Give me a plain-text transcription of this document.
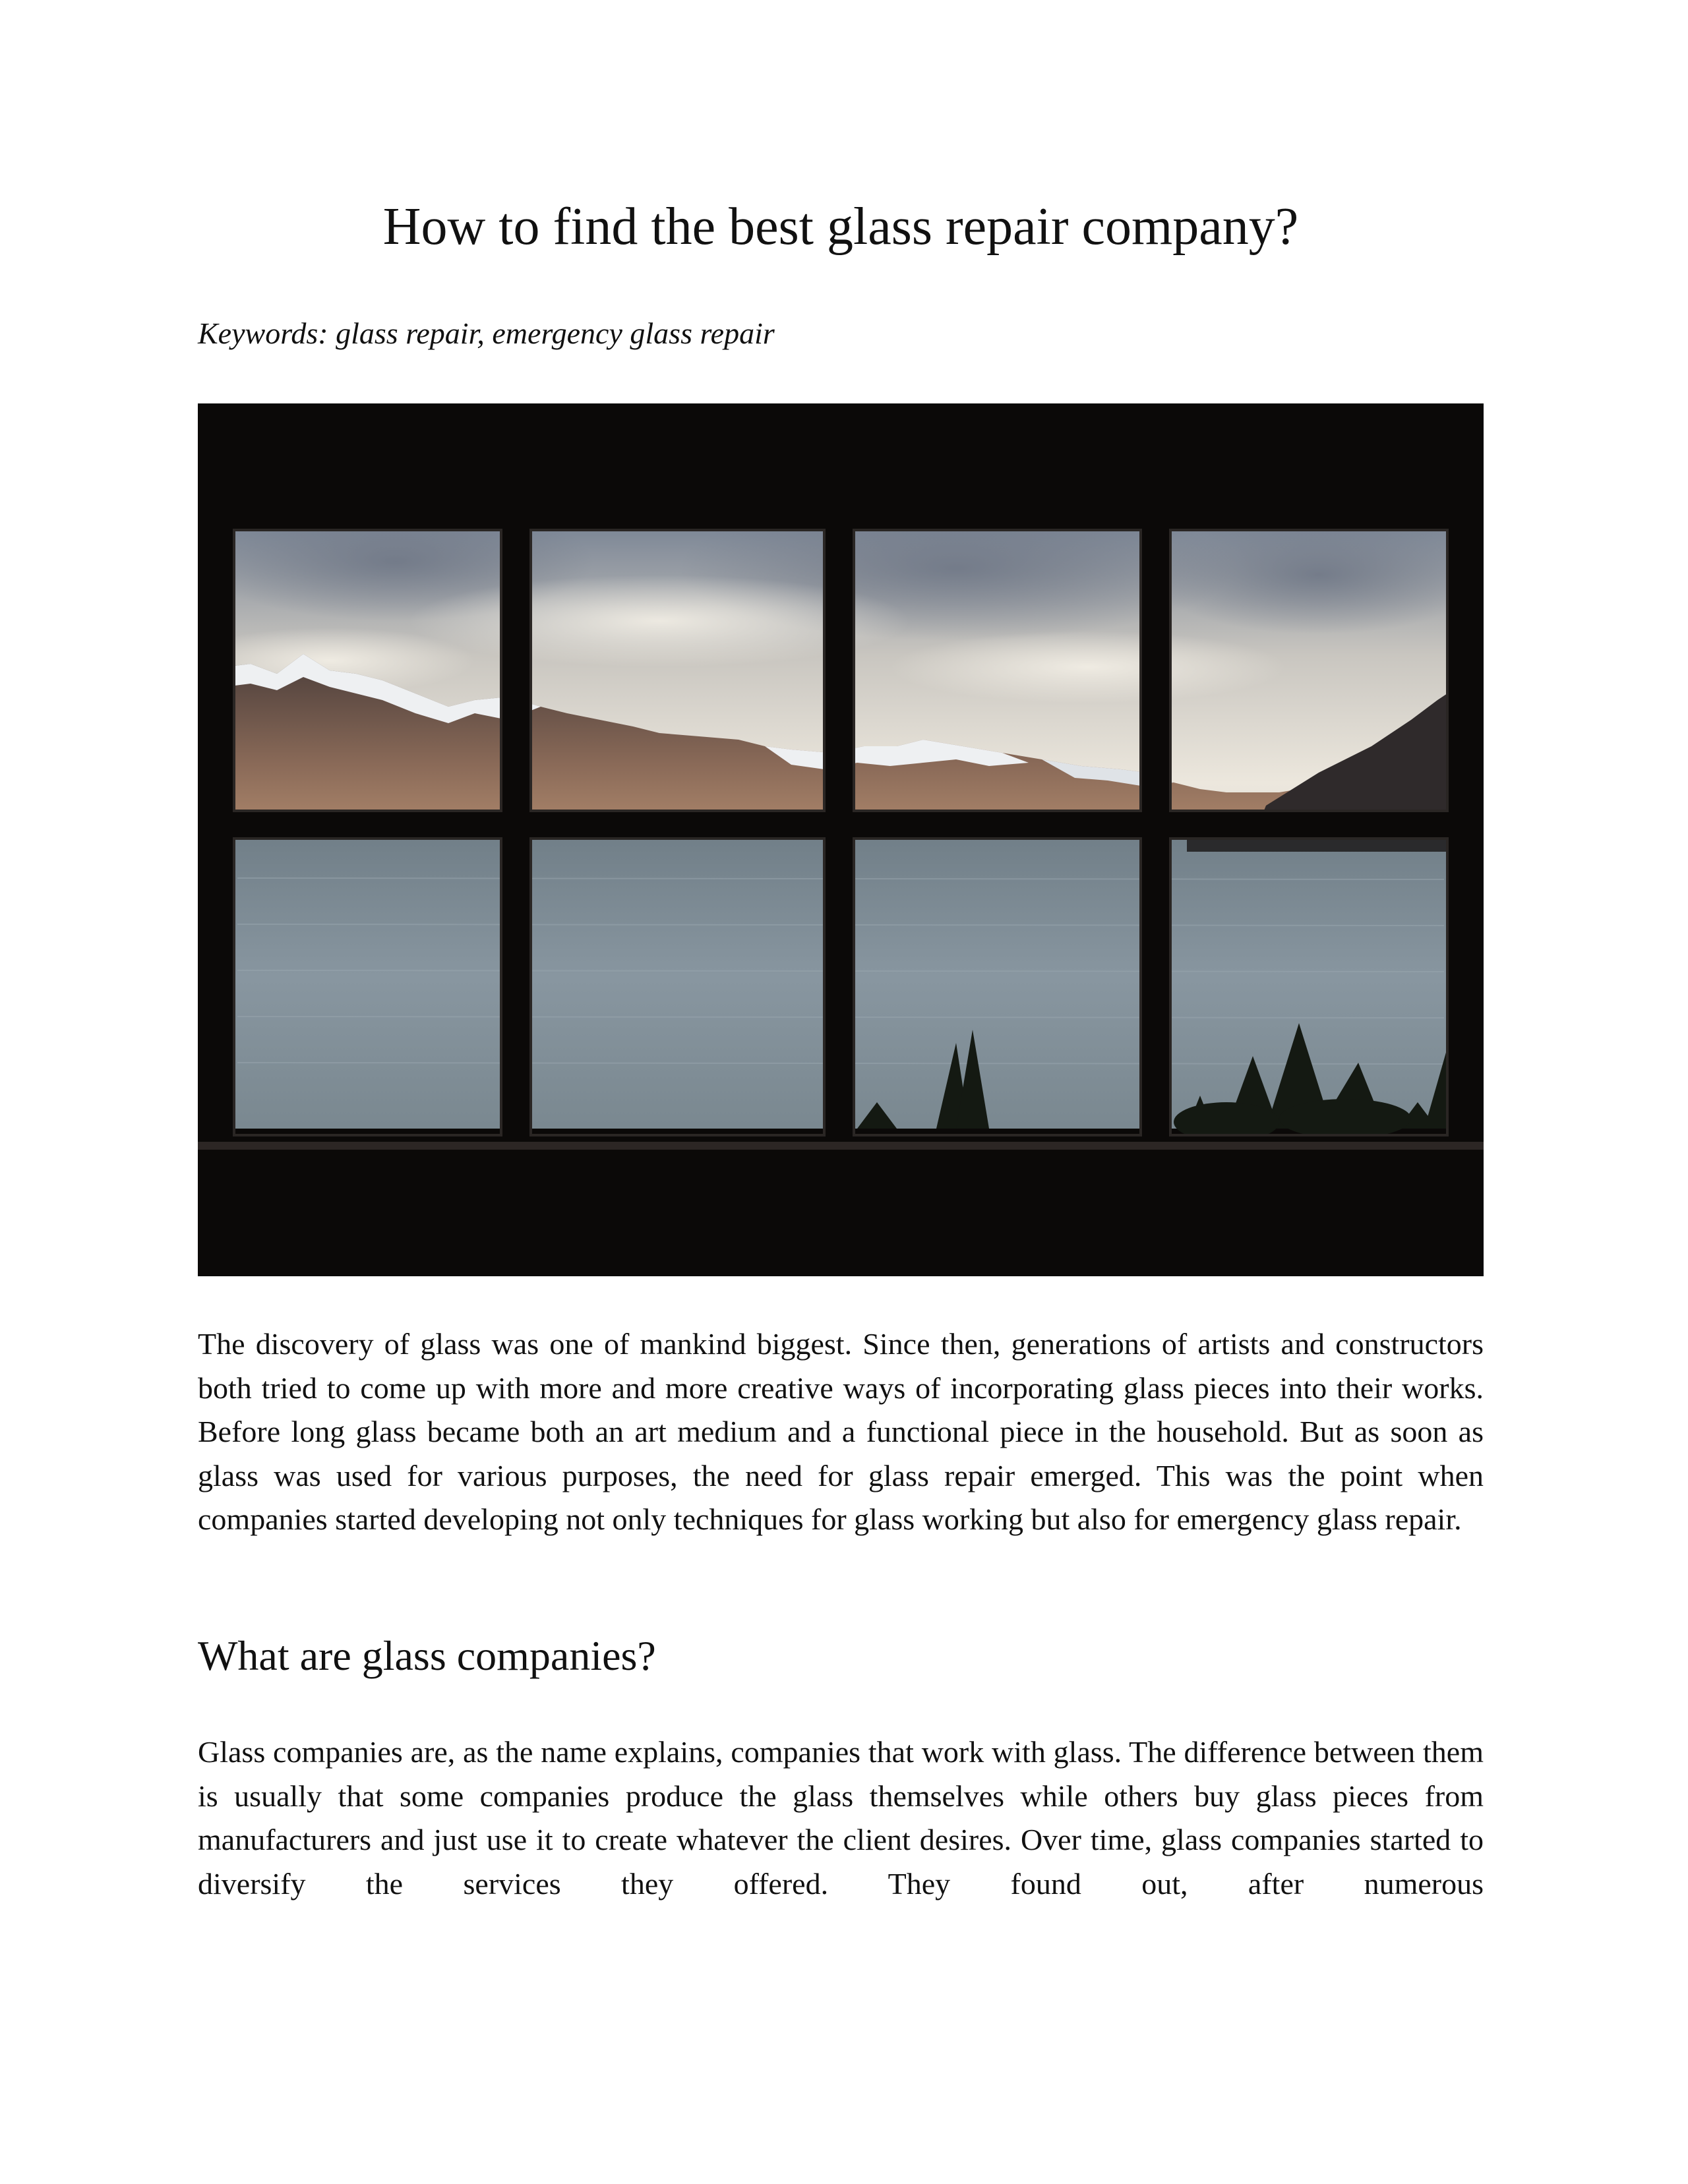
How to find the best glass repair company?

Keywords: glass repair, emergency glass repair

The discovery of glass was one of mankind biggest. Since then, generations of artists and constructors both tried to come up with more and more creative ways of incorporating glass pieces into their works. Before long glass became both an art medium and a functional piece in the household. But as soon as glass was used for various purposes, the need for glass repair emerged. This was the point when companies started developing not only techniques for glass working but also for emergency glass repair.

What are glass companies?

Glass companies are, as the name explains, companies that work with glass. The difference between them is usually that some companies produce the glass themselves while others buy glass pieces from manufacturers and just use it to create whatever the client desires. Over time, glass companies started to diversify the services they offered. They found out, after numerous
